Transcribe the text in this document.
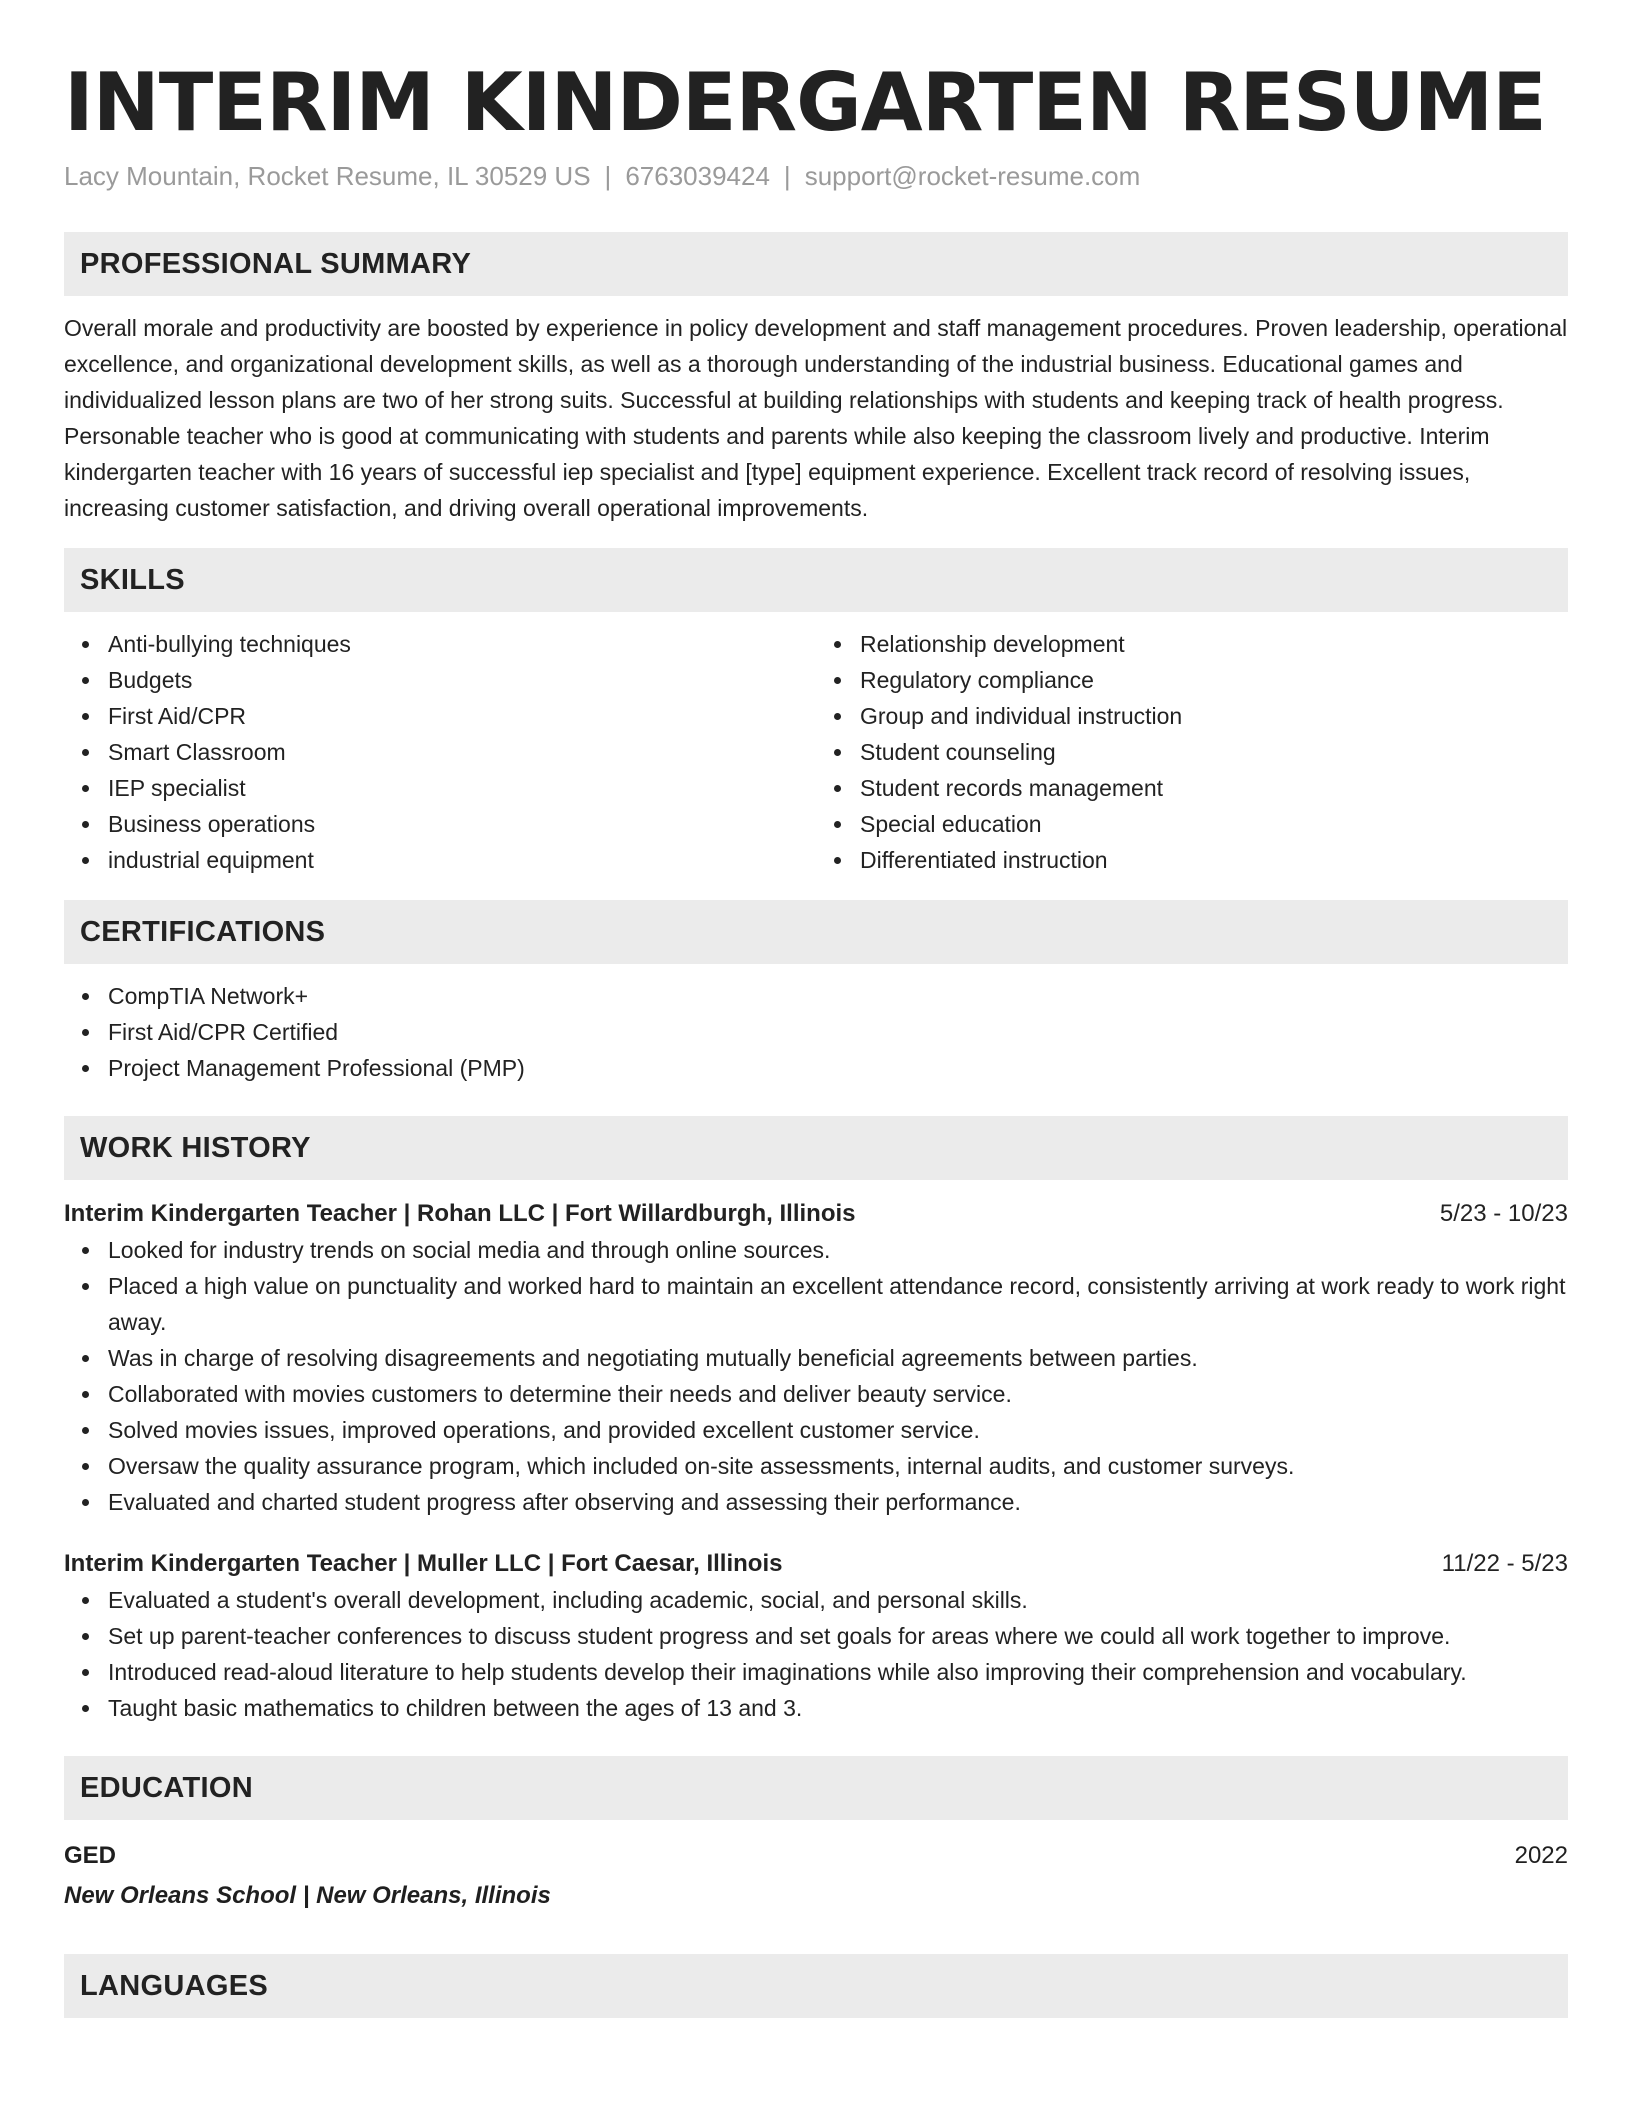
INTERIM KINDERGARTEN RESUME
Lacy Mountain, Rocket Resume, IL 30529 US | 6763039424 | support@rocket-resume.com
PROFESSIONAL SUMMARY

Overall morale and productivity are boosted by experience in policy development and staff management procedures. Proven leadership, operational excellence, and organizational development skills, as well as a thorough understanding of the industrial business. Educational games and individualized lesson plans are two of her strong suits. Successful at building relationships with students and keeping track of health progress. Personable teacher who is good at communicating with students and parents while also keeping the classroom lively and productive. Interim kindergarten teacher with 16 years of successful iep specialist and [type] equipment experience. Excellent track record of resolving issues, increasing customer satisfaction, and driving overall operational improvements.

SKILLS
Anti-bullying techniques
Budgets
First Aid/CPR
Smart Classroom
IEP specialist
Business operations
industrial equipment
Relationship development
Regulatory compliance
Group and individual instruction
Student counseling
Student records management
Special education
Differentiated instruction
CERTIFICATIONS
CompTIA Network+
First Aid/CPR Certified
Project Management Professional (PMP)
WORK HISTORY
Interim Kindergarten Teacher | Rohan LLC | Fort Willardburgh, Illinois	5/23 - 10/23
Looked for industry trends on social media and through online sources.
Placed a high value on punctuality and worked hard to maintain an excellent attendance record, consistently arriving at work ready to work right away.
Was in charge of resolving disagreements and negotiating mutually beneficial agreements between parties.
Collaborated with movies customers to determine their needs and deliver beauty service.
Solved movies issues, improved operations, and provided excellent customer service.
Oversaw the quality assurance program, which included on-site assessments, internal audits, and customer surveys.
Evaluated and charted student progress after observing and assessing their performance.
Interim Kindergarten Teacher | Muller LLC | Fort Caesar, Illinois	11/22 - 5/23
Evaluated a student's overall development, including academic, social, and personal skills.
Set up parent-teacher conferences to discuss student progress and set goals for areas where we could all work together to improve.
Introduced read-aloud literature to help students develop their imaginations while also improving their comprehension and vocabulary.
Taught basic mathematics to children between the ages of 13 and 3.
EDUCATION
GED	2022
New Orleans School | New Orleans, Illinois
LANGUAGES
